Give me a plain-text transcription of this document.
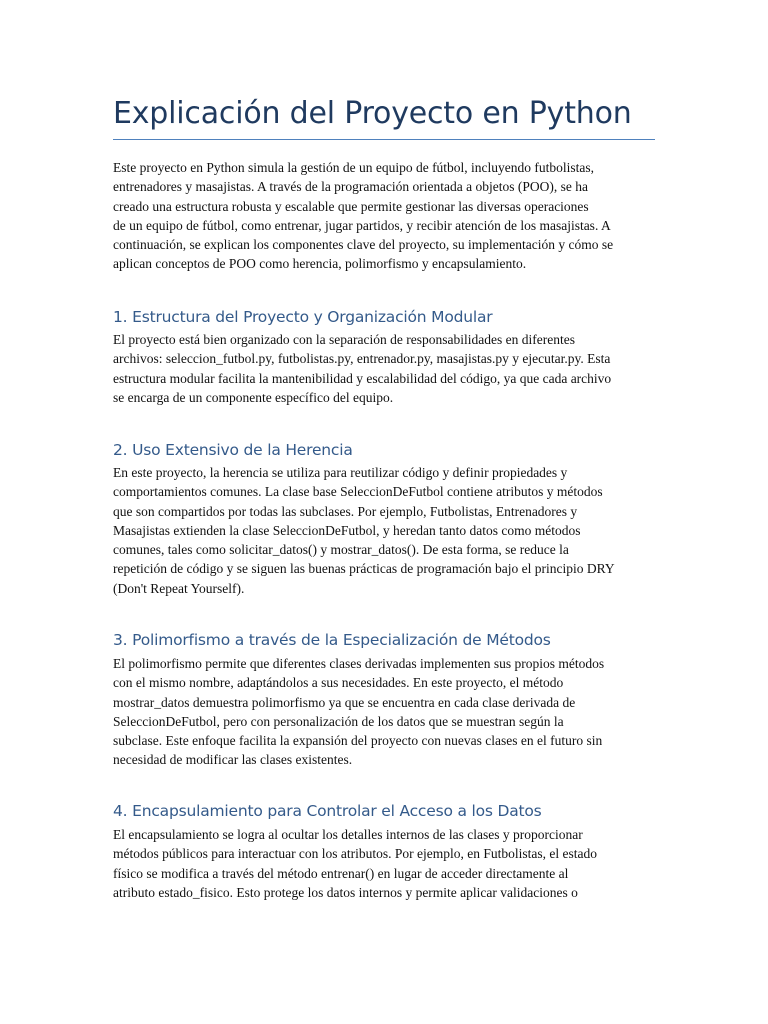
Explicación del Proyecto en Python

Este proyecto en Python simula la gestión de un equipo de fútbol, incluyendo futbolistas,
entrenadores y masajistas. A través de la programación orientada a objetos (POO), se ha
creado una estructura robusta y escalable que permite gestionar las diversas operaciones
de un equipo de fútbol, como entrenar, jugar partidos, y recibir atención de los masajistas. A
continuación, se explican los componentes clave del proyecto, su implementación y cómo se
aplican conceptos de POO como herencia, polimorfismo y encapsulamiento.

1. Estructura del Proyecto y Organización Modular

El proyecto está bien organizado con la separación de responsabilidades en diferentes
archivos: seleccion_futbol.py, futbolistas.py, entrenador.py, masajistas.py y ejecutar.py. Esta
estructura modular facilita la mantenibilidad y escalabilidad del código, ya que cada archivo
se encarga de un componente específico del equipo.

2. Uso Extensivo de la Herencia

En este proyecto, la herencia se utiliza para reutilizar código y definir propiedades y
comportamientos comunes. La clase base SeleccionDeFutbol contiene atributos y métodos
que son compartidos por todas las subclases. Por ejemplo, Futbolistas, Entrenadores y
Masajistas extienden la clase SeleccionDeFutbol, y heredan tanto datos como métodos
comunes, tales como solicitar_datos() y mostrar_datos(). De esta forma, se reduce la
repetición de código y se siguen las buenas prácticas de programación bajo el principio DRY
(Don't Repeat Yourself).

3. Polimorfismo a través de la Especialización de Métodos

El polimorfismo permite que diferentes clases derivadas implementen sus propios métodos
con el mismo nombre, adaptándolos a sus necesidades. En este proyecto, el método
mostrar_datos demuestra polimorfismo ya que se encuentra en cada clase derivada de
SeleccionDeFutbol, pero con personalización de los datos que se muestran según la
subclase. Este enfoque facilita la expansión del proyecto con nuevas clases en el futuro sin
necesidad de modificar las clases existentes.

4. Encapsulamiento para Controlar el Acceso a los Datos

El encapsulamiento se logra al ocultar los detalles internos de las clases y proporcionar
métodos públicos para interactuar con los atributos. Por ejemplo, en Futbolistas, el estado
físico se modifica a través del método entrenar() en lugar de acceder directamente al
atributo estado_fisico. Esto protege los datos internos y permite aplicar validaciones o
